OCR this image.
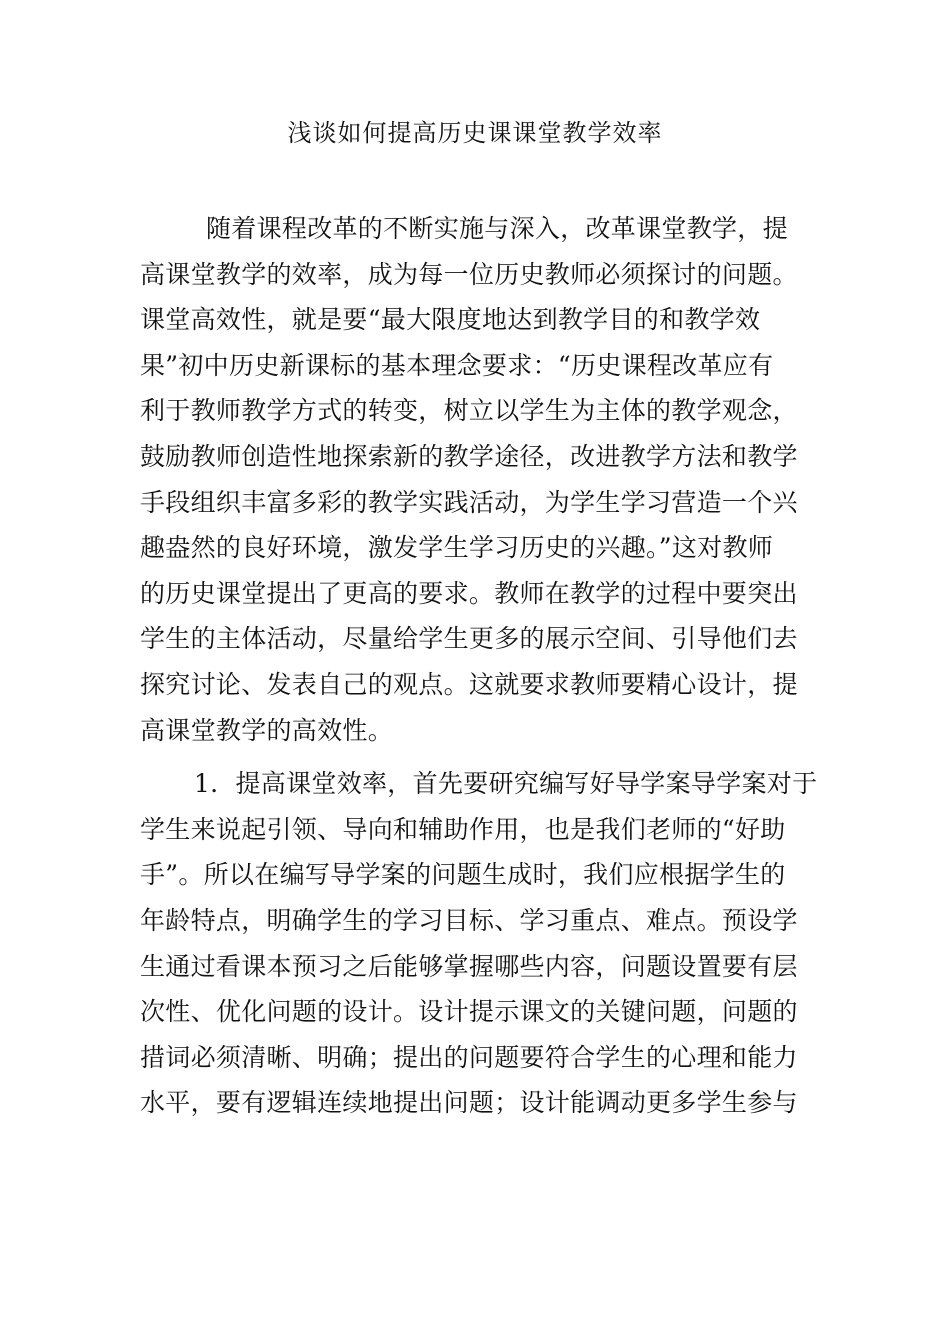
浅谈如何提高历史课课堂教学效率
随着课程改革的不断实施与深入，改革课堂教学，提
高课堂教学的效率，成为每一位历史教师必须探讨的问题。
课堂高效性，就是要“最大限度地达到教学目的和教学效
果”初中历史新课标的基本理念要求：“历史课程改革应有
利于教师教学方式的转变，树立以学生为主体的教学观念，
鼓励教师创造性地探索新的教学途径，改进教学方法和教学
手段组织丰富多彩的教学实践活动，为学生学习营造一个兴
趣盎然的良好环境，激发学生学习历史的兴趣。”这对教师
的历史课堂提出了更高的要求。教师在教学的过程中要突出
学生的主体活动，尽量给学生更多的展示空间、引导他们去
探究讨论、发表自己的观点。这就要求教师要精心设计，提
高课堂教学的高效性。
1．提高课堂效率，首先要研究编写好导学案导学案对于
学生来说起引领、导向和辅助作用，也是我们老师的“好助
手”。所以在编写导学案的问题生成时，我们应根据学生的
年龄特点，明确学生的学习目标、学习重点、难点。预设学
生通过看课本预习之后能够掌握哪些内容，问题设置要有层
次性、优化问题的设计。设计提示课文的关键问题，问题的
措词必须清晰、明确；提出的问题要符合学生的心理和能力
水平，要有逻辑连续地提出问题；设计能调动更多学生参与
